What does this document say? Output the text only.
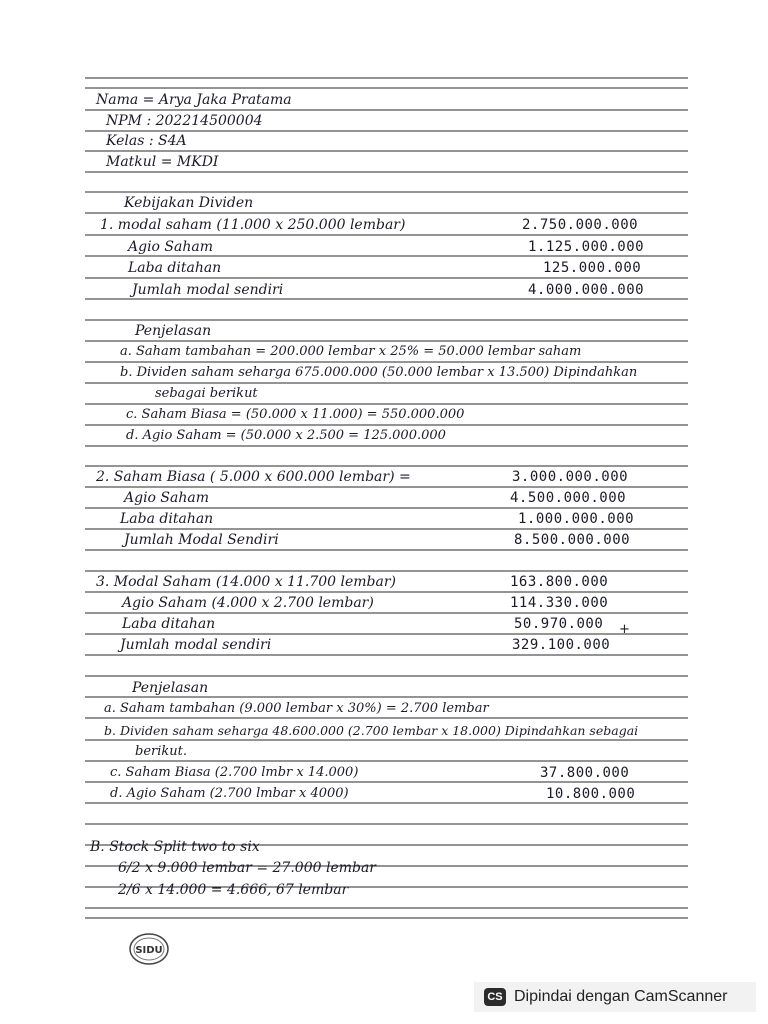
Nama = Arya Jaka Pratama
NPM : 202214500004
Kelas : S4A
Matkul = MKDI
Kebijakan Dividen
1. modal saham (11.000 x 250.000 lembar)	2.750.000.000
Agio Saham	1.125.000.000
Laba ditahan	125.000.000
Jumlah modal sendiri	4.000.000.000
Penjelasan
a. Saham tambahan = 200.000 lembar x 25% = 50.000 lembar saham
b. Dividen saham seharga 675.000.000 (50.000 lembar x 13.500) Dipindahkan
sebagai berikut
c. Saham Biasa = (50.000 x 11.000) = 550.000.000
d. Agio Saham = (50.000 x 2.500 = 125.000.000
2. Saham Biasa ( 5.000 x 600.000 lembar) =	3.000.000.000
Agio Saham	4.500.000.000
Laba ditahan	1.000.000.000
Jumlah Modal Sendiri	8.500.000.000
3. Modal Saham (14.000 x 11.700 lembar)	163.800.000
Agio Saham (4.000 x 2.700 lembar)	114.330.000
Laba ditahan	50.970.000 +
Jumlah modal sendiri	329.100.000
Penjelasan
a. Saham tambahan (9.000 lembar x 30%) = 2.700 lembar
b. Dividen saham seharga 48.600.000 (2.700 lembar x 18.000) Dipindahkan sebagai
berikut.
c. Saham Biasa (2.700 lmbr x 14.000)	37.800.000
d. Agio Saham (2.700 lmbar x 4000)	10.800.000
B. Stock Split two to six
6/2 x 9.000 lembar = 27.000 lembar
2/6 x 14.000 = 4.666, 67 lembar
SIDU
CS Dipindai dengan CamScanner
